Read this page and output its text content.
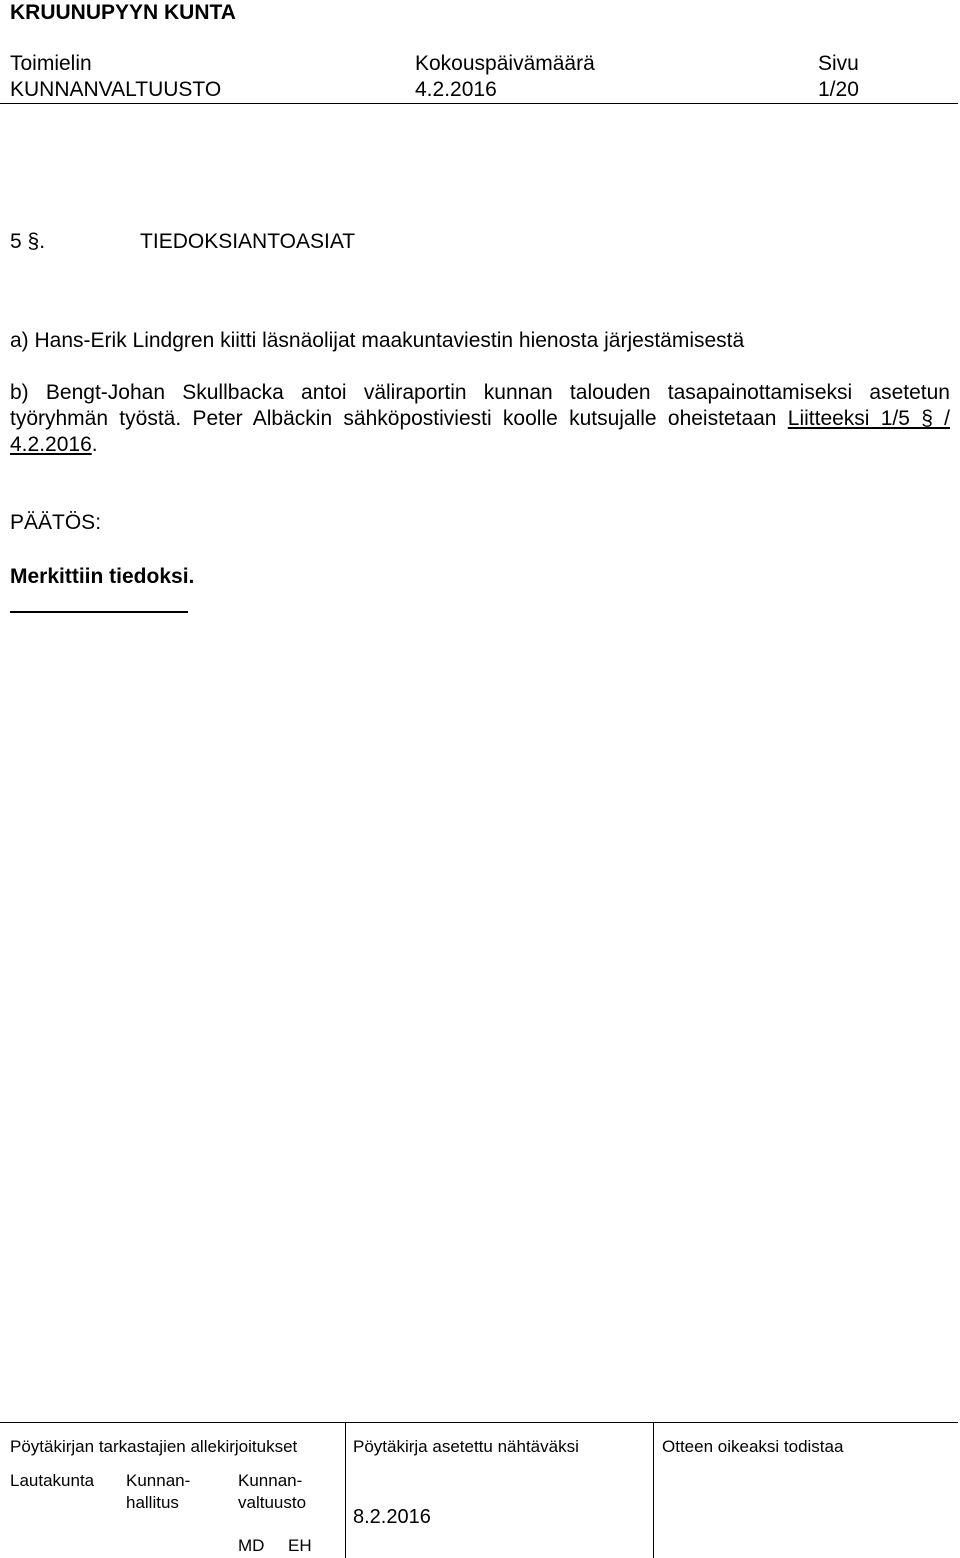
KRUUNUPYYN KUNTA
Toimielin
KUNNANVALTUUSTO
Kokouspäivämäärä
4.2.2016
Sivu
1/20
5 §.	TIEDOKSIANTOASIAT
a) Hans-Erik Lindgren kiitti läsnäolijat maakuntaviestin hienosta järjestämisestä
b) Bengt-Johan Skullbacka antoi väliraportin kunnan talouden tasapainottamiseksi asetetun työryhmän työstä. Peter Albäckin sähköpostiviesti koolle kutsujalle oheistetaan Liitteeksi 1/5 § / 4.2.2016.
PÄÄTÖS:
Merkittiin tiedoksi.
Pöytäkirjan tarkastajien allekirjoitukset
Lautakunta Kunnan-
hallitus
Kunnan-
valtuusto
MD EH
Pöytäkirja asetettu nähtäväksi
8.2.2016
Otteen oikeaksi todistaa
